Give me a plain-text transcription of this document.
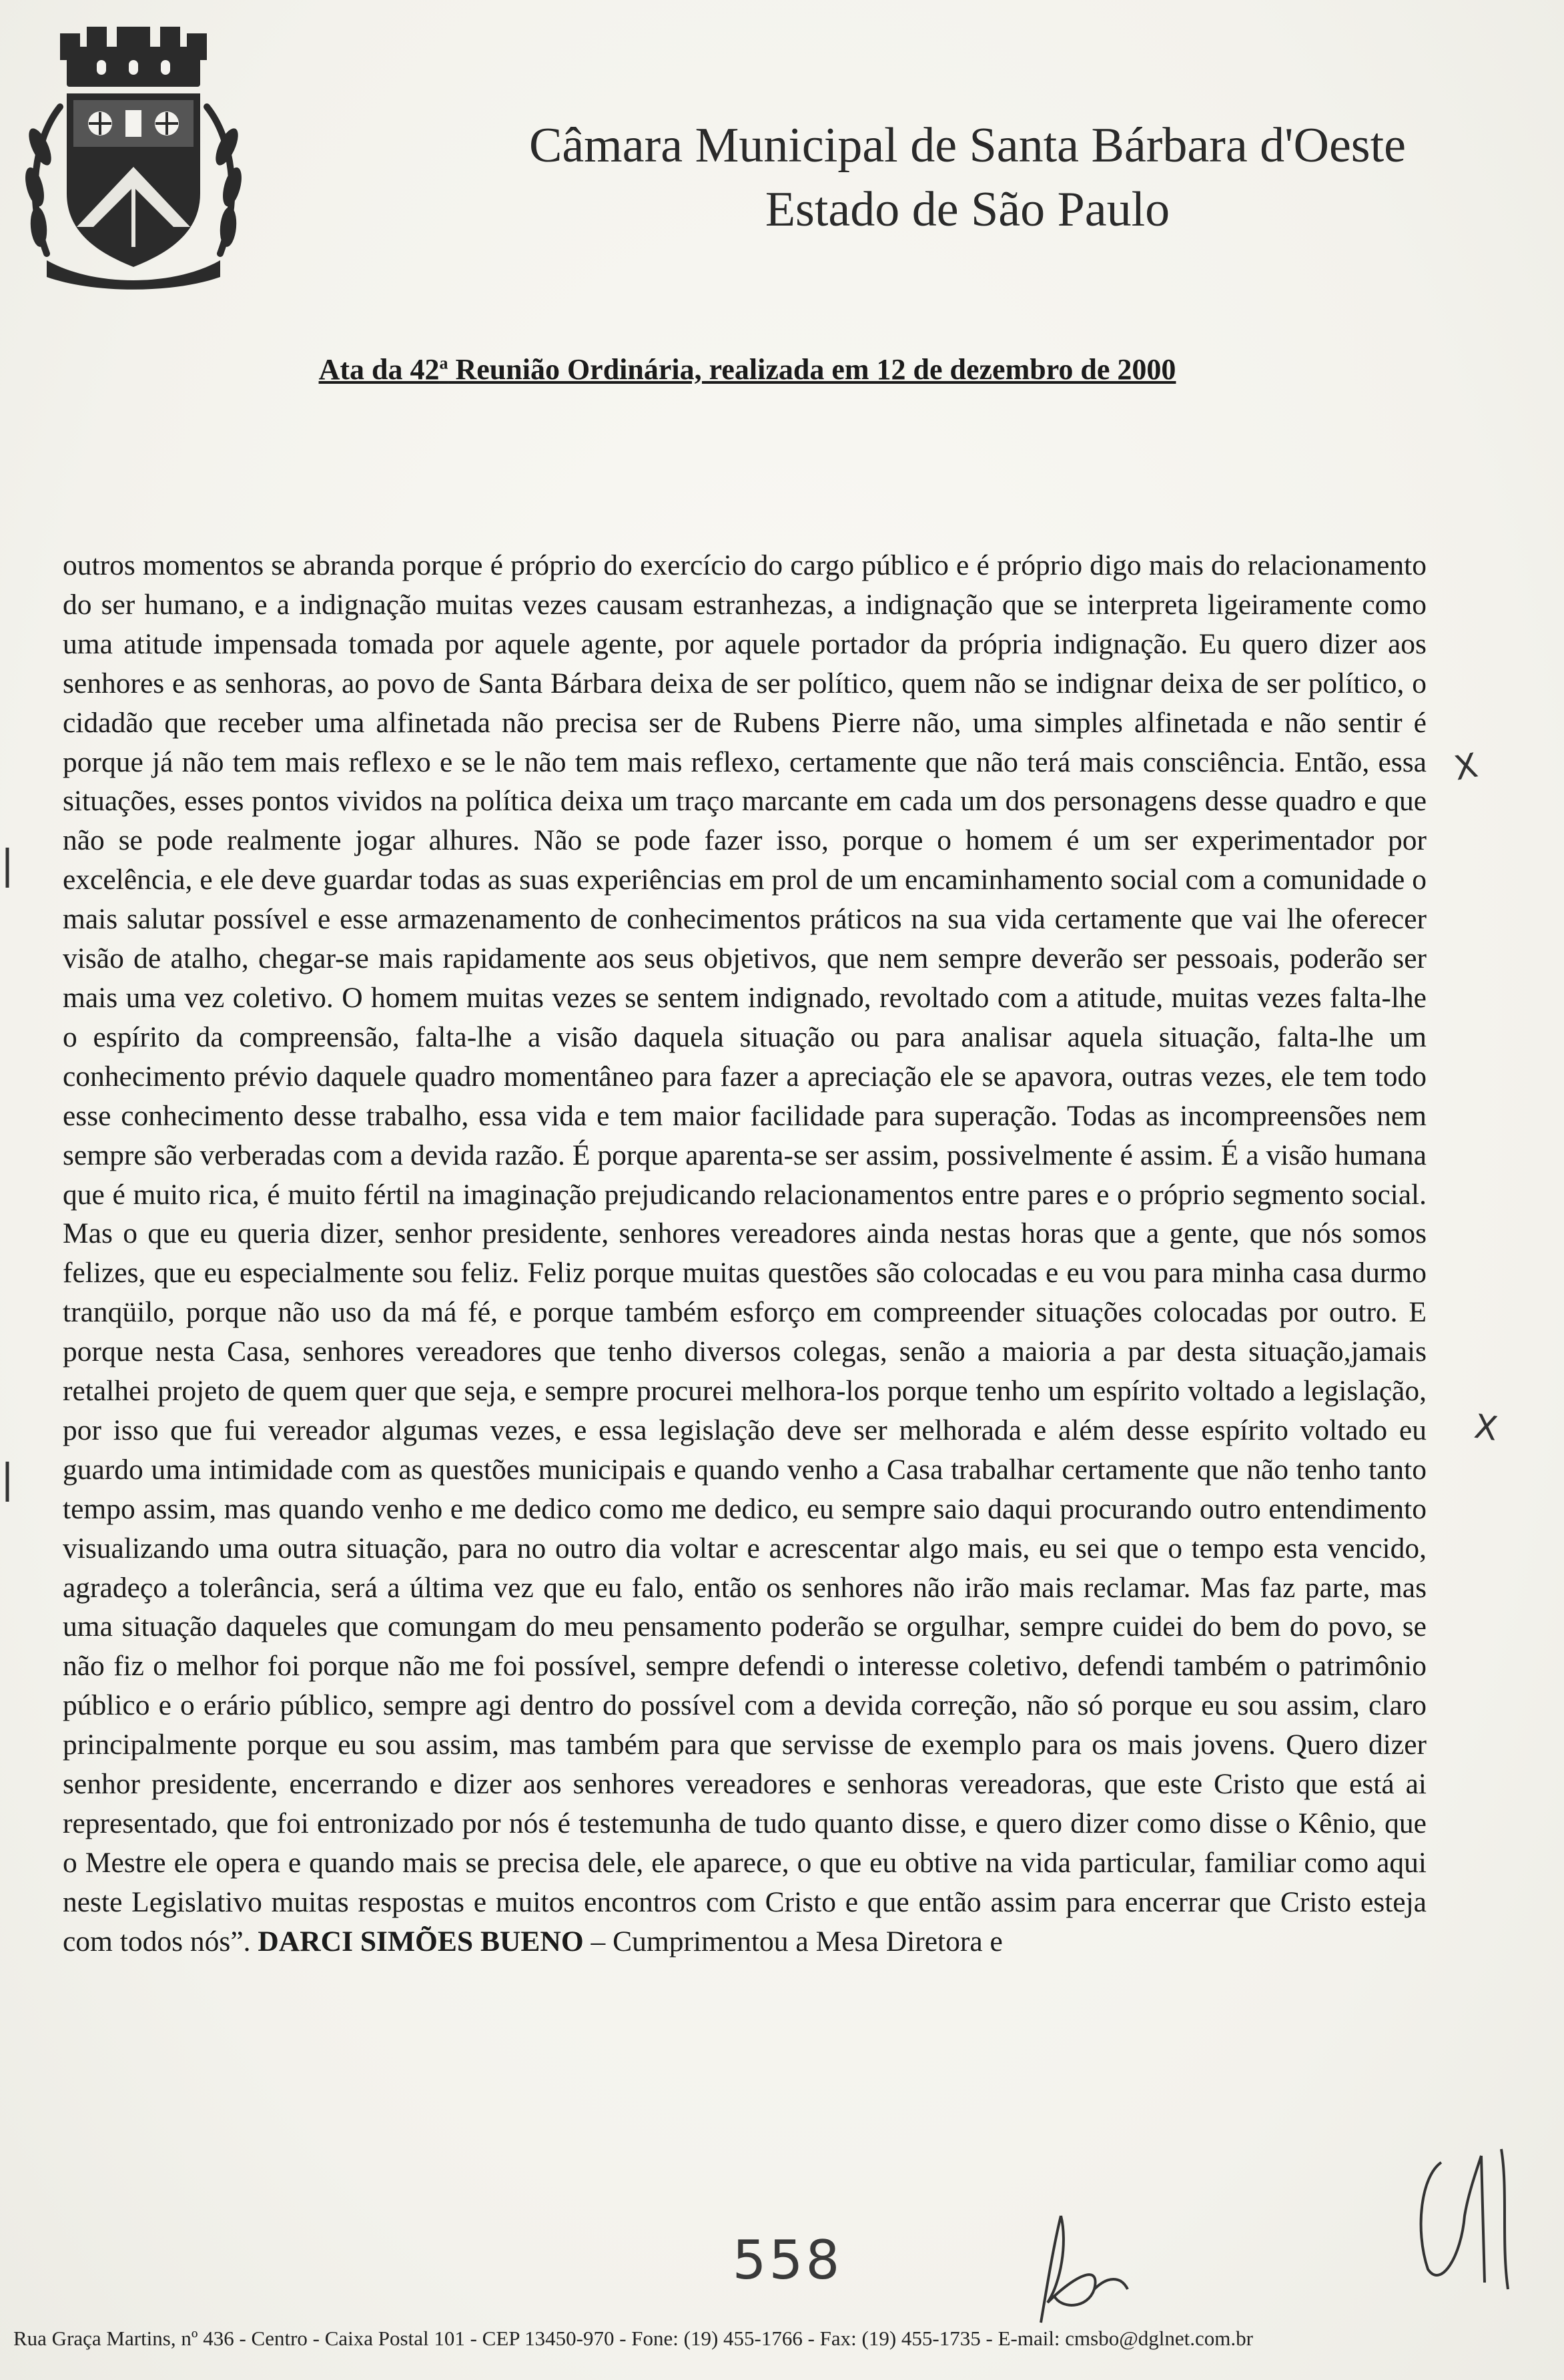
Câmara Municipal de Santa Bárbara d'Oeste
Estado de São Paulo
Ata da 42$^a$ Reunião Ordinária, realizada em 12 de dezembro de 2000

outros momentos se abranda porque é próprio do exercício do cargo público e é próprio digo mais do relacionamento do ser humano, e a indignação muitas vezes causam estranhezas, a indignação que se interpreta ligeiramente como uma atitude impensada tomada por aquele agente, por aquele portador da própria indignação. Eu quero dizer aos senhores e as senhoras, ao povo de Santa Bárbara deixa de ser político, quem não se indignar deixa de ser político, o cidadão que receber uma alfinetada não precisa ser de Rubens Pierre não, uma simples alfinetada e não sentir é porque já não tem mais reflexo e se le não tem mais reflexo, certamente que não terá mais consciência. Então, essa situações, esses pontos vividos na política deixa um traço marcante em cada um dos personagens desse quadro e que não se pode realmente jogar alhures. Não se pode fazer isso, porque o homem é um ser experimentador por excelência, e ele deve guardar todas as suas experiências em prol de um encaminhamento social com a comunidade o mais salutar possível e esse armazenamento de conhecimentos práticos na sua vida certamente que vai lhe oferecer visão de atalho, chegar-se mais rapidamente aos seus objetivos, que nem sempre deverão ser pessoais, poderão ser mais uma vez coletivo. O homem muitas vezes se sentem indignado, revoltado com a atitude, muitas vezes falta-lhe o espírito da compreensão, falta-lhe a visão daquela situação ou para analisar aquela situação, falta-lhe um conhecimento prévio daquele quadro momentâneo para fazer a apreciação ele se apavora, outras vezes, ele tem todo esse conhecimento desse trabalho, essa vida e tem maior facilidade para superação. Todas as incompreensões nem sempre são verberadas com a devida razão. É porque aparenta-se ser assim, possivelmente é assim. É a visão humana que é muito rica, é muito fértil na imaginação prejudicando relacionamentos entre pares e o próprio segmento social. Mas o que eu queria dizer, senhor presidente, senhores vereadores ainda nestas horas que a gente, que nós somos felizes, que eu especialmente sou feliz. Feliz porque muitas questões são colocadas e eu vou para minha casa durmo tranqüilo, porque não uso da má fé, e porque também esforço em compreender situações colocadas por outro. E porque nesta Casa, senhores vereadores que tenho diversos colegas, senão a maioria a par desta situação,jamais retalhei projeto de quem quer que seja, e sempre procurei melhora-los porque tenho um espírito voltado a legislação, por isso que fui vereador algumas vezes, e essa legislação deve ser melhorada e além desse espírito voltado eu guardo uma intimidade com as questões municipais e quando venho a Casa trabalhar certamente que não tenho tanto tempo assim, mas quando venho e me dedico como me dedico, eu sempre saio daqui procurando outro entendimento visualizando uma outra situação, para no outro dia voltar e acrescentar algo mais, eu sei que o tempo esta vencido, agradeço a tolerância, será a última vez que eu falo, então os senhores não irão mais reclamar. Mas faz parte, mas uma situação daqueles que comungam do meu pensamento poderão se orgulhar, sempre cuidei do bem do povo, se não fiz o melhor foi porque não me foi possível, sempre defendi o interesse coletivo, defendi também o patrimônio público e o erário público, sempre agi dentro do possível com a devida correção, não só porque eu sou assim, claro principalmente porque eu sou assim, mas também para que servisse de exemplo para os mais jovens. Quero dizer senhor presidente, encerrando e dizer aos senhores vereadores e senhoras vereadoras, que este Cristo que está ai representado, que foi entronizado por nós é testemunha de tudo quanto disse, e quero dizer como disse o Kênio, que o Mestre ele opera e quando mais se precisa dele, ele aparece, o que eu obtive na vida particular, familiar como aqui neste Legislativo muitas respostas e muitos encontros com Cristo e que então assim para encerrar que Cristo esteja com todos nós”. DARCI SIMÕES BUENO – Cumprimentou a Mesa Diretora e

X
X
558
Rua Graça Martins, nº 436 - Centro - Caixa Postal 101 - CEP 13450-970 - Fone: (19) 455-1766 - Fax: (19) 455-1735 - E-mail: cmsbo@dglnet.com.br
